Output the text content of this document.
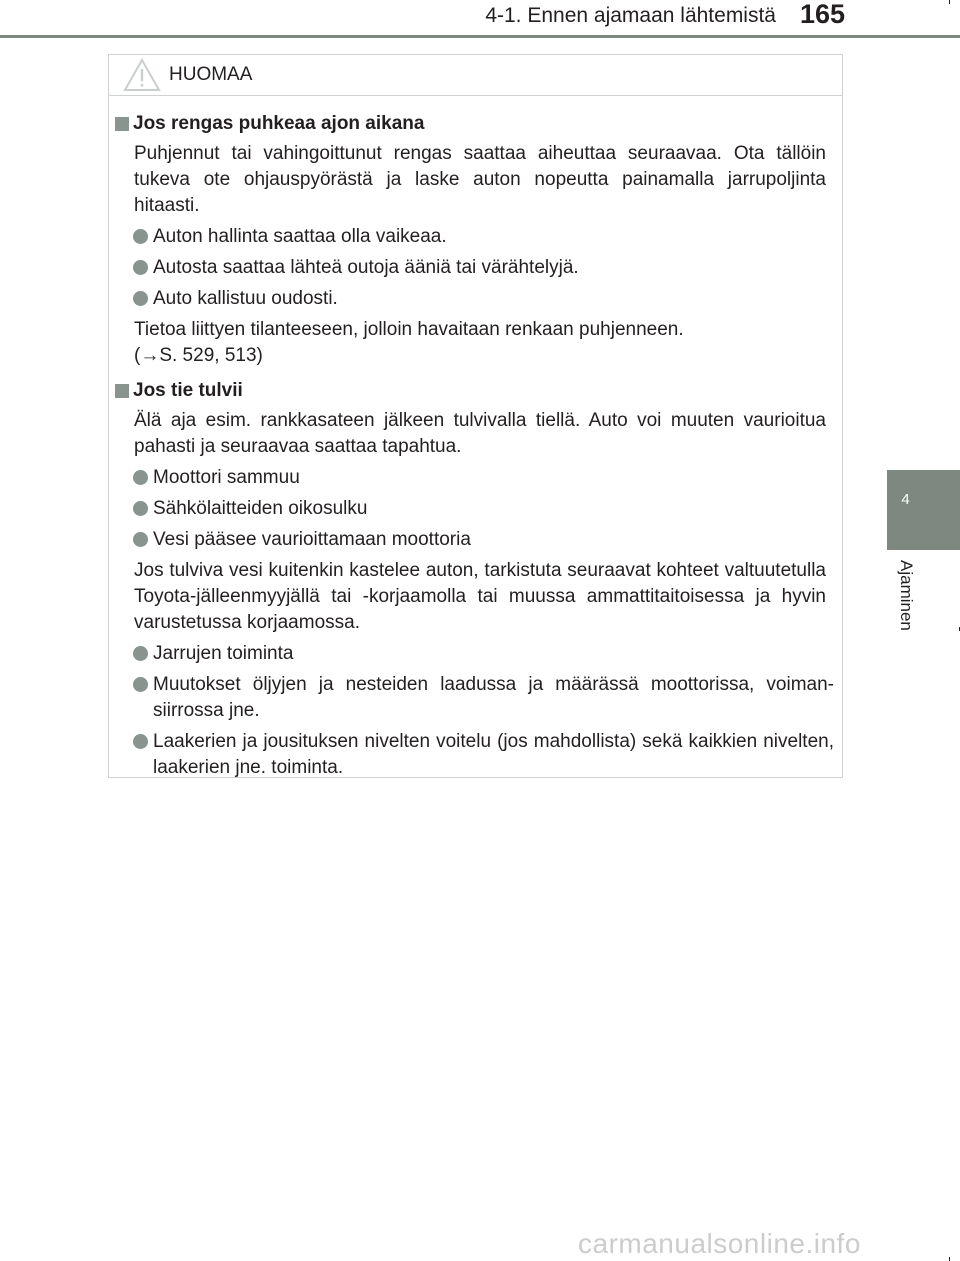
4-1. Ennen ajamaan lähtemistä 165
4
Ajaminen
HUOMAA
Jos rengas puhkeaa ajon aikana
Puhjennut tai vahingoittunut rengas saattaa aiheuttaa seuraavaa. Ota tällöin tukeva ote ohjauspyörästä ja laske auton nopeutta painamalla jarrupoljinta hitaasti.
Auton hallinta saattaa olla vaikeaa.
Autosta saattaa lähteä outoja ääniä tai värähtelyjä.
Auto kallistuu oudosti.
Tietoa liittyen tilanteeseen, jolloin havaitaan renkaan puhjenneen.
(→S. 529, 513)
Jos tie tulvii
Älä aja esim. rankkasateen jälkeen tulvivalla tiellä. Auto voi muuten vaurioitua pahasti ja seuraavaa saattaa tapahtua.
Moottori sammuu
Sähkölaitteiden oikosulku
Vesi pääsee vaurioittamaan moottoria
Jos tulviva vesi kuitenkin kastelee auton, tarkistuta seuraavat kohteet valtuutetulla Toyota-jälleenmyyjällä tai -korjaamolla tai muussa ammattitaitoisessa ja hyvin varustetussa korjaamossa.
Jarrujen toiminta
Muutokset öljyjen ja nesteiden laadussa ja määrässä moottorissa, voimansiirrossa jne.
Laakerien ja jousituksen nivelten voitelu (jos mahdollista) sekä kaikkien nivelten, laakerien jne. toiminta.
carmanualsonline.info
